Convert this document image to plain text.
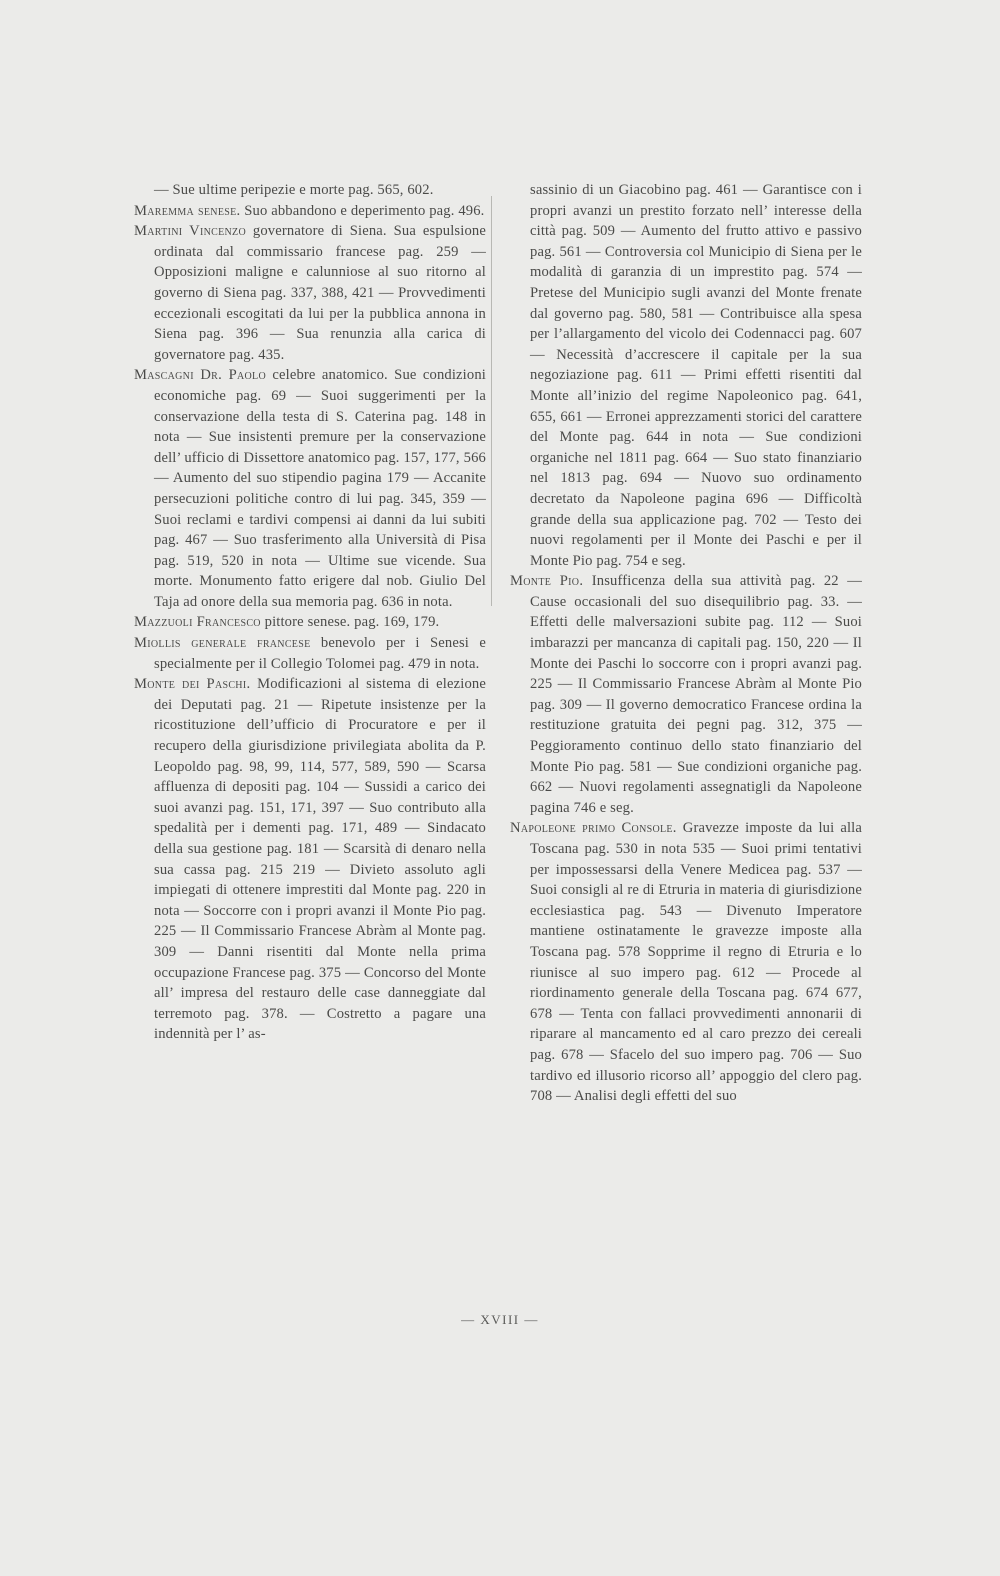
— Sue ultime peripezie e morte pag. 565, 602.

Maremma senese. Suo abbandono e deperimento pag. 496.

Martini Vincenzo governatore di Siena. Sua espulsione ordinata dal commissario francese pag. 259 — Opposizioni maligne e calunniose al suo ritorno al governo di Siena pag. 337, 388, 421 — Provvedimenti eccezionali escogitati da lui per la pubblica annona in Siena pag. 396 — Sua renunzia alla carica di governatore pag. 435.

Mascagni Dr. Paolo celebre anatomico. Sue condizioni economiche pag. 69 — Suoi suggerimenti per la conservazione della testa di S. Caterina pag. 148 in nota — Sue insistenti premure per la conservazione dell’ ufficio di Dissettore anatomico pag. 157, 177, 566 — Aumento del suo stipendio pagina 179 — Accanite persecuzioni politiche contro di lui pag. 345, 359 — Suoi reclami e tardivi compensi ai danni da lui subiti pag. 467 — Suo trasferimento alla Università di Pisa pag. 519, 520 in nota — Ultime sue vicende. Sua morte. Monumento fatto erigere dal nob. Giulio Del Taja ad onore della sua memoria pag. 636 in nota.

Mazzuoli Francesco pittore senese. pag. 169, 179.

Miollis generale francese benevolo per i Senesi e specialmente per il Collegio Tolomei pag. 479 in nota.

Monte dei Paschi. Modificazioni al sistema di elezione dei Deputati pag. 21 — Ripetute insistenze per la ricostituzione dell’ufficio di Procuratore e per il recupero della giurisdizione privilegiata abolita da P. Leopoldo pag. 98, 99, 114, 577, 589, 590 — Scarsa affluenza di depositi pag. 104 — Sussidi a carico dei suoi avanzi pag. 151, 171, 397 — Suo contributo alla spedalità per i dementi pag. 171, 489 — Sindacato della sua gestione pag. 181 — Scarsità di denaro nella sua cassa pag. 215 219 — Divieto assoluto agli impiegati di ottenere imprestiti dal Monte pag. 220 in nota — Soccorre con i propri avanzi il Monte Pio pag. 225 — Il Commissario Francese Abràm al Monte pag. 309 — Danni risentiti dal Monte nella prima occupazione Francese pag. 375 — Concorso del Monte all’ impresa del restauro delle case danneggiate dal terremoto pag. 378. — Costretto a pagare una indennità per l’ as-

sassinio di un Giacobino pag. 461 — Garantisce con i propri avanzi un prestito forzato nell’ interesse della città pag. 509 — Aumento del frutto attivo e passivo pag. 561 — Controversia col Municipio di Siena per le modalità di garanzia di un imprestito pag. 574 — Pretese del Municipio sugli avanzi del Monte frenate dal governo pag. 580, 581 — Contribuisce alla spesa per l’allargamento del vicolo dei Codennacci pag. 607 — Necessità d’accrescere il capitale per la sua negoziazione pag. 611 — Primi effetti risentiti dal Monte all’inizio del regime Napoleonico pag. 641, 655, 661 — Erronei apprezzamenti storici del carattere del Monte pag. 644 in nota — Sue condizioni organiche nel 1811 pag. 664 — Suo stato finanziario nel 1813 pag. 694 — Nuovo suo ordinamento decretato da Napoleone pagina 696 — Difficoltà grande della sua applicazione pag. 702 — Testo dei nuovi regolamenti per il Monte dei Paschi e per il Monte Pio pag. 754 e seg.

Monte Pio. Insufficenza della sua attività pag. 22 — Cause occasionali del suo disequilibrio pag. 33. — Effetti delle malversazioni subite pag. 112 — Suoi imbarazzi per mancanza di capitali pag. 150, 220 — Il Monte dei Paschi lo soccorre con i propri avanzi pag. 225 — Il Commissario Francese Abràm al Monte Pio pag. 309 — Il governo democratico Francese ordina la restituzione gratuita dei pegni pag. 312, 375 — Peggioramento continuo dello stato finanziario del Monte Pio pag. 581 — Sue condizioni organiche pag. 662 — Nuovi regolamenti assegnatigli da Napoleone pagina 746 e seg.

Napoleone primo Console. Gravezze imposte da lui alla Toscana pag. 530 in nota 535 — Suoi primi tentativi per impossessarsi della Venere Medicea pag. 537 — Suoi consigli al re di Etruria in materia di giurisdizione ecclesiastica pag. 543 — Divenuto Imperatore mantiene ostinatamente le gravezze imposte alla Toscana pag. 578 Sopprime il regno di Etruria e lo riunisce al suo impero pag. 612 — Procede al riordinamento generale della Toscana pag. 674 677, 678 — Tenta con fallaci provvedimenti annonarii di riparare al mancamento ed al caro prezzo dei cereali pag. 678 — Sfacelo del suo impero pag. 706 — Suo tardivo ed illusorio ricorso all’ appoggio del clero pag. 708 — Analisi degli effetti del suo

— XVIII —
